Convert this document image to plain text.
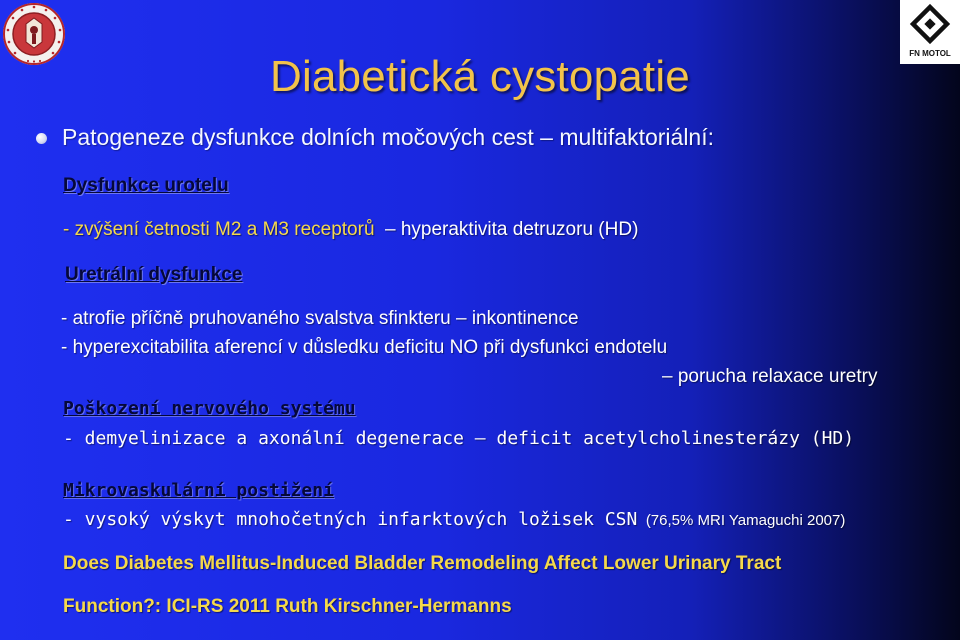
FN MOTOL
Diabetická cystopatie
Patogeneze dysfunkce dolních močových cest – multifaktoriální:
Dysfunkce urotelu
- zvýšení četnosti M2 a M3 receptorů – hyperaktivita detruzoru (HD)
Uretrální dysfunkce
- atrofie příčně pruhovaného svalstva sfinkteru – inkontinence
- hyperexcitabilita aferencí v důsledku deficitu NO při dysfunkci endotelu
– porucha relaxace uretry
Poškození nervového systému
- demyelinizace a axonální degenerace – deficit acetylcholinesterázy (HD)
Mikrovaskulární postižení
- vysoký výskyt mnohočetných infarktových ložisek CSN (76,5% MRI Yamaguchi 2007)
Does Diabetes Mellitus-Induced Bladder Remodeling Affect Lower Urinary Tract
Function?: ICI-RS 2011 Ruth Kirschner-Hermanns
